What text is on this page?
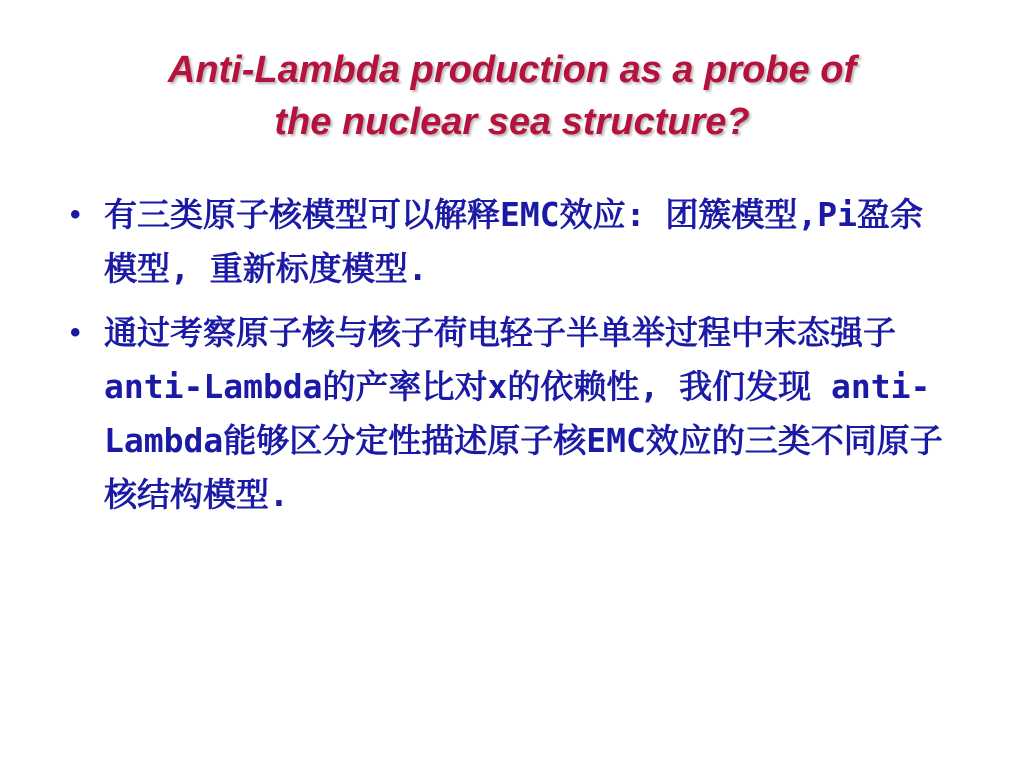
Anti-Lambda production as a probe of
the nuclear sea structure?
• 有三类原子核模型可以解释EMC效应: 团簇模型,Pi盈余模型, 重新标度模型.
• 通过考察原子核与核子荷电轻子半单举过程中末态强子anti-Lambda的产率比对x的依赖性, 我们发现 anti-Lambda能够区分定性描述原子核EMC效应的三类不同原子核结构模型.
